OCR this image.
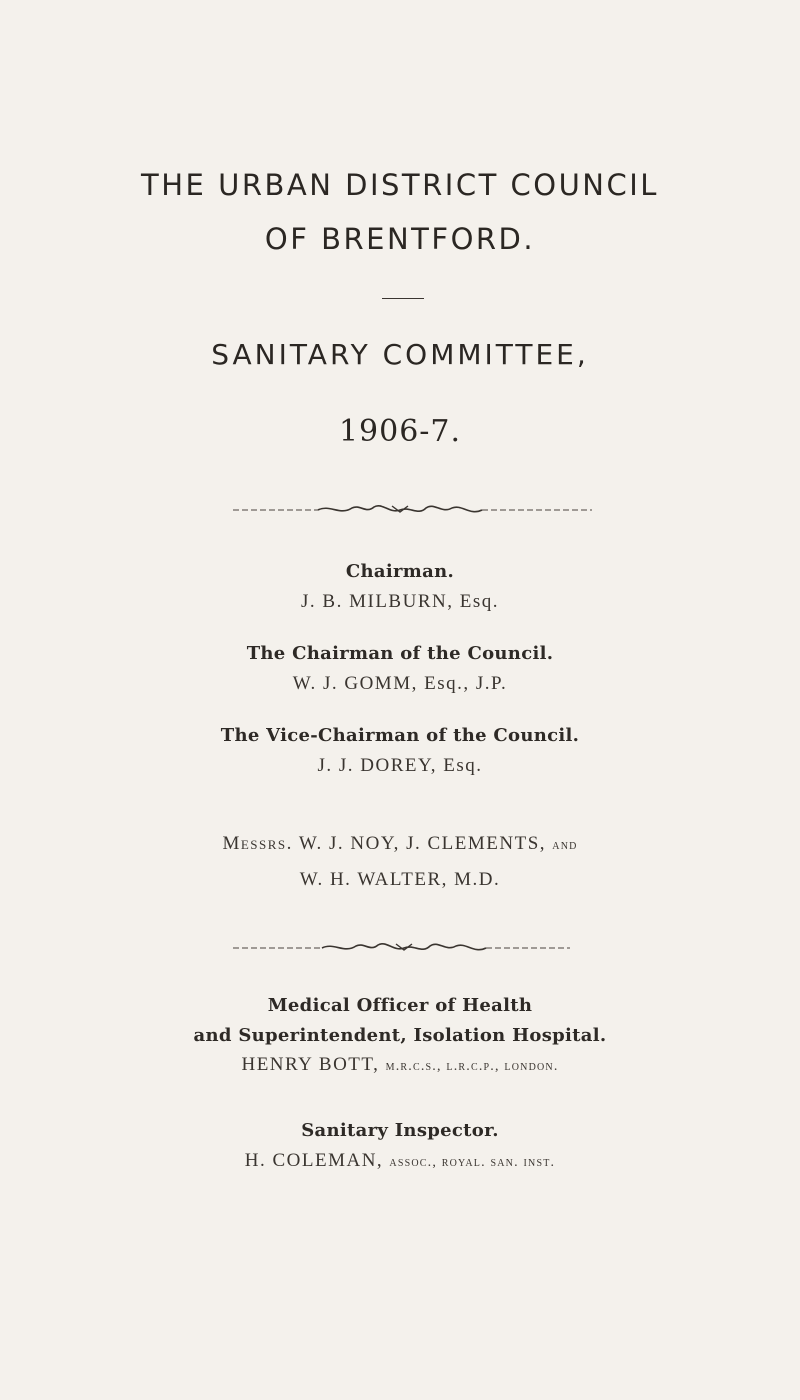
THE URBAN DISTRICT COUNCIL
OF BRENTFORD.
SANITARY COMMITTEE,
1906-7.
Chairman.
J. B. MILBURN, Esq.
The Chairman of the Council.
W. J. GOMM, Esq., J.P.
The Vice-Chairman of the Council.
J. J. DOREY, Esq.
Messrs. W. J. NOY, J. CLEMENTS, and
W. H. WALTER, M.D.
Medical Officer of Health
and Superintendent, Isolation Hospital.
HENRY BOTT, m.r.c.s., l.r.c.p., london.
Sanitary Inspector.
H. COLEMAN, assoc., royal. san. inst.
